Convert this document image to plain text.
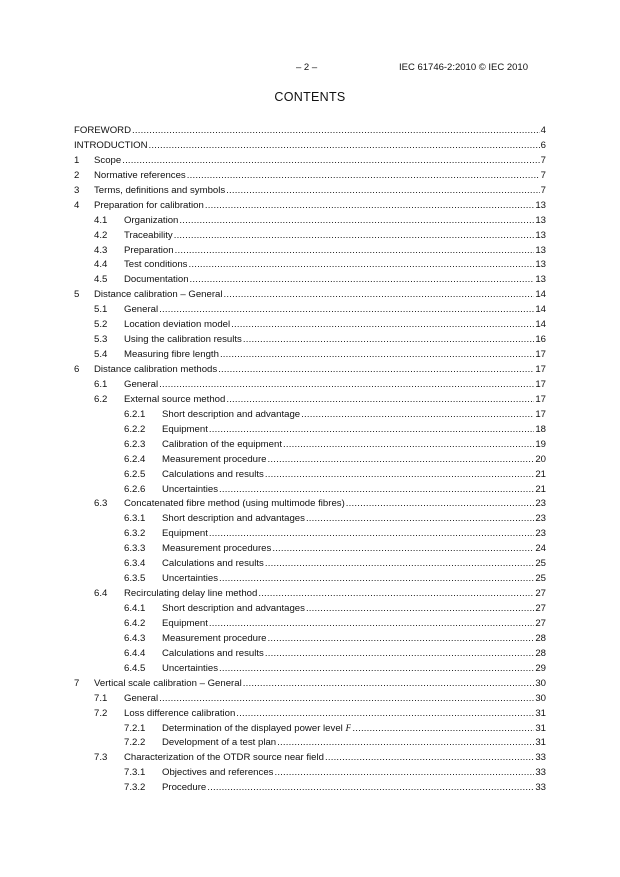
– 2 –	IEC 61746-2:2010 © IEC 2010
CONTENTS
FOREWORD .....	4
INTRODUCTION .....	6
1	Scope .....	7
2	Normative references .....	7
3	Terms, definitions and symbols .....	7
4	Preparation for calibration .....	13
4.1	Organization .....	13
4.2	Traceability .....	13
4.3	Preparation .....	13
4.4	Test conditions .....	13
4.5	Documentation .....	13
5	Distance calibration – General .....	14
5.1	General .....	14
5.2	Location deviation model .....	14
5.3	Using the calibration results .....	16
5.4	Measuring fibre length .....	17
6	Distance calibration methods .....	17
6.1	General .....	17
6.2	External source method .....	17
6.2.1	Short description and advantage .....	17
6.2.2	Equipment .....	18
6.2.3	Calibration of the equipment .....	19
6.2.4	Measurement procedure .....	20
6.2.5	Calculations and results .....	21
6.2.6	Uncertainties .....	21
6.3	Concatenated fibre method (using multimode fibres) .....	23
6.3.1	Short description and advantages .....	23
6.3.2	Equipment .....	23
6.3.3	Measurement procedures .....	24
6.3.4	Calculations and results .....	25
6.3.5	Uncertainties .....	25
6.4	Recirculating delay line method .....	27
6.4.1	Short description and advantages .....	27
6.4.2	Equipment .....	27
6.4.3	Measurement procedure .....	28
6.4.4	Calculations and results .....	28
6.4.5	Uncertainties .....	29
7	Vertical scale calibration – General .....	30
7.1	General .....	30
7.2	Loss difference calibration .....	31
7.2.1	Determination of the displayed power level F .....	31
7.2.2	Development of a test plan .....	31
7.3	Characterization of the OTDR source near field .....	33
7.3.1	Objectives and references .....	33
7.3.2	Procedure .....	33
